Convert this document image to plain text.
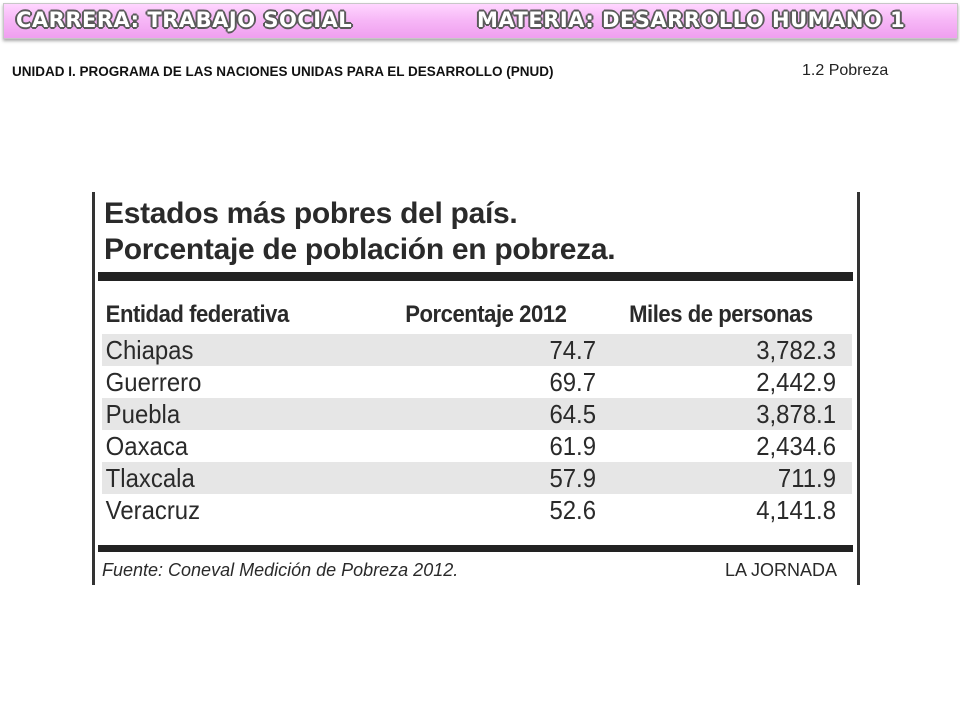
CARRERA: TRABAJO SOCIAL	MATERIA: DESARROLLO HUMANO 1
UNIDAD I. PROGRAMA DE LAS NACIONES UNIDAS PARA EL DESARROLLO (PNUD)	1.2 Pobreza
Estados más pobres del país.
Porcentaje de población en pobreza.
Entidad federativa	Porcentaje 2012	Miles de personas
Chiapas	74.7	3,782.3
Guerrero	69.7	2,442.9
Puebla	64.5	3,878.1
Oaxaca	61.9	2,434.6
Tlaxcala	57.9	711.9
Veracruz	52.6	4,141.8
Fuente: Coneval Medición de Pobreza 2012.	LA JORNADA
